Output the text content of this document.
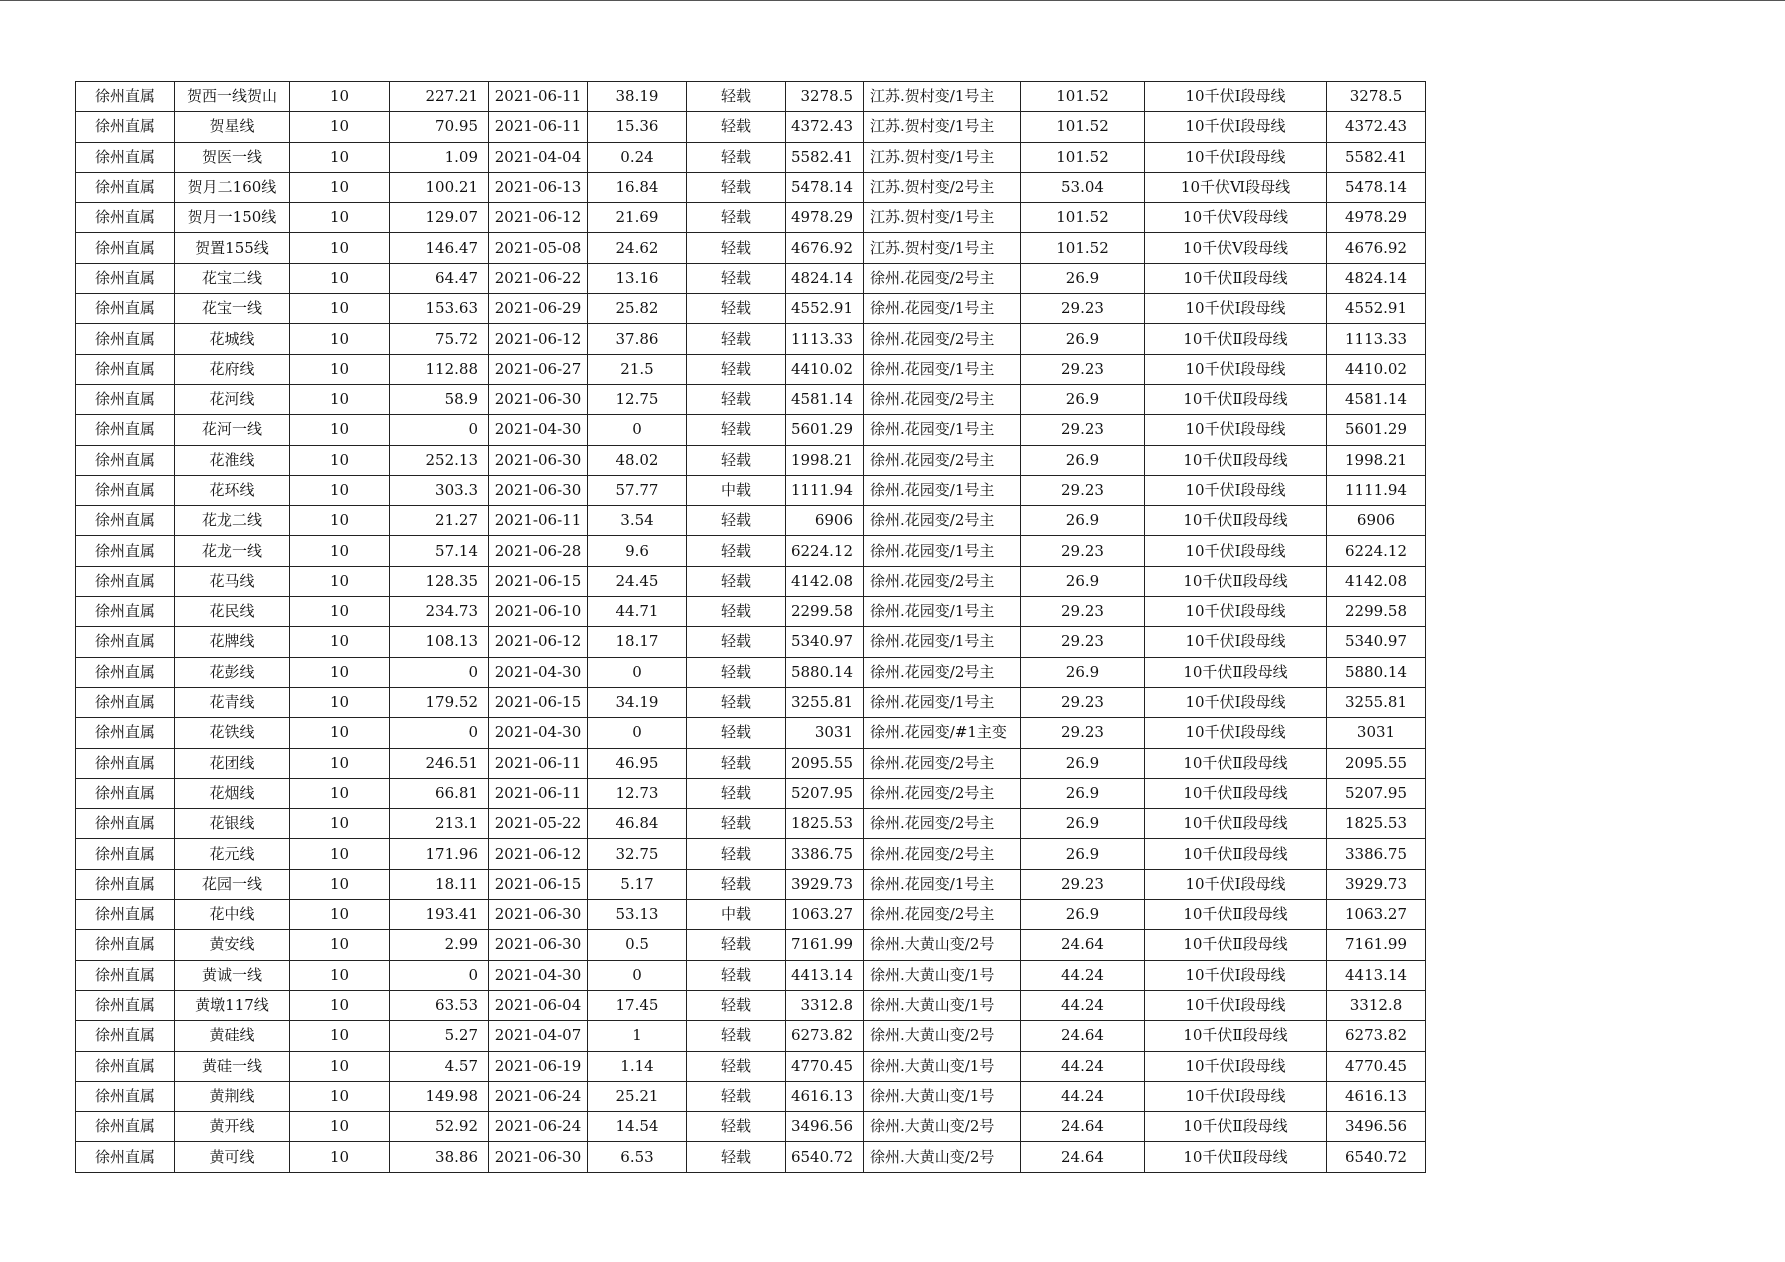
徐州直属	贺西一线贺山	10	227.21	2021-06-11	38.19	轻载	3278.5	江苏.贺村变/1号主	101.52	10千伏Ⅰ段母线	3278.5
徐州直属	贺星线	10	70.95	2021-06-11	15.36	轻载	4372.43	江苏.贺村变/1号主	101.52	10千伏Ⅰ段母线	4372.43
徐州直属	贺医一线	10	1.09	2021-04-04	0.24	轻载	5582.41	江苏.贺村变/1号主	101.52	10千伏Ⅰ段母线	5582.41
徐州直属	贺月二160线	10	100.21	2021-06-13	16.84	轻载	5478.14	江苏.贺村变/2号主	53.04	10千伏Ⅵ段母线	5478.14
徐州直属	贺月一150线	10	129.07	2021-06-12	21.69	轻载	4978.29	江苏.贺村变/1号主	101.52	10千伏Ⅴ段母线	4978.29
徐州直属	贺置155线	10	146.47	2021-05-08	24.62	轻载	4676.92	江苏.贺村变/1号主	101.52	10千伏Ⅴ段母线	4676.92
徐州直属	花宝二线	10	64.47	2021-06-22	13.16	轻载	4824.14	徐州.花园变/2号主	26.9	10千伏Ⅱ段母线	4824.14
徐州直属	花宝一线	10	153.63	2021-06-29	25.82	轻载	4552.91	徐州.花园变/1号主	29.23	10千伏Ⅰ段母线	4552.91
徐州直属	花城线	10	75.72	2021-06-12	37.86	轻载	1113.33	徐州.花园变/2号主	26.9	10千伏Ⅱ段母线	1113.33
徐州直属	花府线	10	112.88	2021-06-27	21.5	轻载	4410.02	徐州.花园变/1号主	29.23	10千伏Ⅰ段母线	4410.02
徐州直属	花河线	10	58.9	2021-06-30	12.75	轻载	4581.14	徐州.花园变/2号主	26.9	10千伏Ⅱ段母线	4581.14
徐州直属	花河一线	10	0	2021-04-30	0	轻载	5601.29	徐州.花园变/1号主	29.23	10千伏Ⅰ段母线	5601.29
徐州直属	花淮线	10	252.13	2021-06-30	48.02	轻载	1998.21	徐州.花园变/2号主	26.9	10千伏Ⅱ段母线	1998.21
徐州直属	花环线	10	303.3	2021-06-30	57.77	中载	1111.94	徐州.花园变/1号主	29.23	10千伏Ⅰ段母线	1111.94
徐州直属	花龙二线	10	21.27	2021-06-11	3.54	轻载	6906	徐州.花园变/2号主	26.9	10千伏Ⅱ段母线	6906
徐州直属	花龙一线	10	57.14	2021-06-28	9.6	轻载	6224.12	徐州.花园变/1号主	29.23	10千伏Ⅰ段母线	6224.12
徐州直属	花马线	10	128.35	2021-06-15	24.45	轻载	4142.08	徐州.花园变/2号主	26.9	10千伏Ⅱ段母线	4142.08
徐州直属	花民线	10	234.73	2021-06-10	44.71	轻载	2299.58	徐州.花园变/1号主	29.23	10千伏Ⅰ段母线	2299.58
徐州直属	花牌线	10	108.13	2021-06-12	18.17	轻载	5340.97	徐州.花园变/1号主	29.23	10千伏Ⅰ段母线	5340.97
徐州直属	花彭线	10	0	2021-04-30	0	轻载	5880.14	徐州.花园变/2号主	26.9	10千伏Ⅱ段母线	5880.14
徐州直属	花青线	10	179.52	2021-06-15	34.19	轻载	3255.81	徐州.花园变/1号主	29.23	10千伏Ⅰ段母线	3255.81
徐州直属	花铁线	10	0	2021-04-30	0	轻载	3031	徐州.花园变/#1主变	29.23	10千伏Ⅰ段母线	3031
徐州直属	花团线	10	246.51	2021-06-11	46.95	轻载	2095.55	徐州.花园变/2号主	26.9	10千伏Ⅱ段母线	2095.55
徐州直属	花烟线	10	66.81	2021-06-11	12.73	轻载	5207.95	徐州.花园变/2号主	26.9	10千伏Ⅱ段母线	5207.95
徐州直属	花银线	10	213.1	2021-05-22	46.84	轻载	1825.53	徐州.花园变/2号主	26.9	10千伏Ⅱ段母线	1825.53
徐州直属	花元线	10	171.96	2021-06-12	32.75	轻载	3386.75	徐州.花园变/2号主	26.9	10千伏Ⅱ段母线	3386.75
徐州直属	花园一线	10	18.11	2021-06-15	5.17	轻载	3929.73	徐州.花园变/1号主	29.23	10千伏Ⅰ段母线	3929.73
徐州直属	花中线	10	193.41	2021-06-30	53.13	中载	1063.27	徐州.花园变/2号主	26.9	10千伏Ⅱ段母线	1063.27
徐州直属	黄安线	10	2.99	2021-06-30	0.5	轻载	7161.99	徐州.大黄山变/2号	24.64	10千伏Ⅱ段母线	7161.99
徐州直属	黄诚一线	10	0	2021-04-30	0	轻载	4413.14	徐州.大黄山变/1号	44.24	10千伏Ⅰ段母线	4413.14
徐州直属	黄墩117线	10	63.53	2021-06-04	17.45	轻载	3312.8	徐州.大黄山变/1号	44.24	10千伏Ⅰ段母线	3312.8
徐州直属	黄硅线	10	5.27	2021-04-07	1	轻载	6273.82	徐州.大黄山变/2号	24.64	10千伏Ⅱ段母线	6273.82
徐州直属	黄硅一线	10	4.57	2021-06-19	1.14	轻载	4770.45	徐州.大黄山变/1号	44.24	10千伏Ⅰ段母线	4770.45
徐州直属	黄荆线	10	149.98	2021-06-24	25.21	轻载	4616.13	徐州.大黄山变/1号	44.24	10千伏Ⅰ段母线	4616.13
徐州直属	黄开线	10	52.92	2021-06-24	14.54	轻载	3496.56	徐州.大黄山变/2号	24.64	10千伏Ⅱ段母线	3496.56
徐州直属	黄可线	10	38.86	2021-06-30	6.53	轻载	6540.72	徐州.大黄山变/2号	24.64	10千伏Ⅱ段母线	6540.72
